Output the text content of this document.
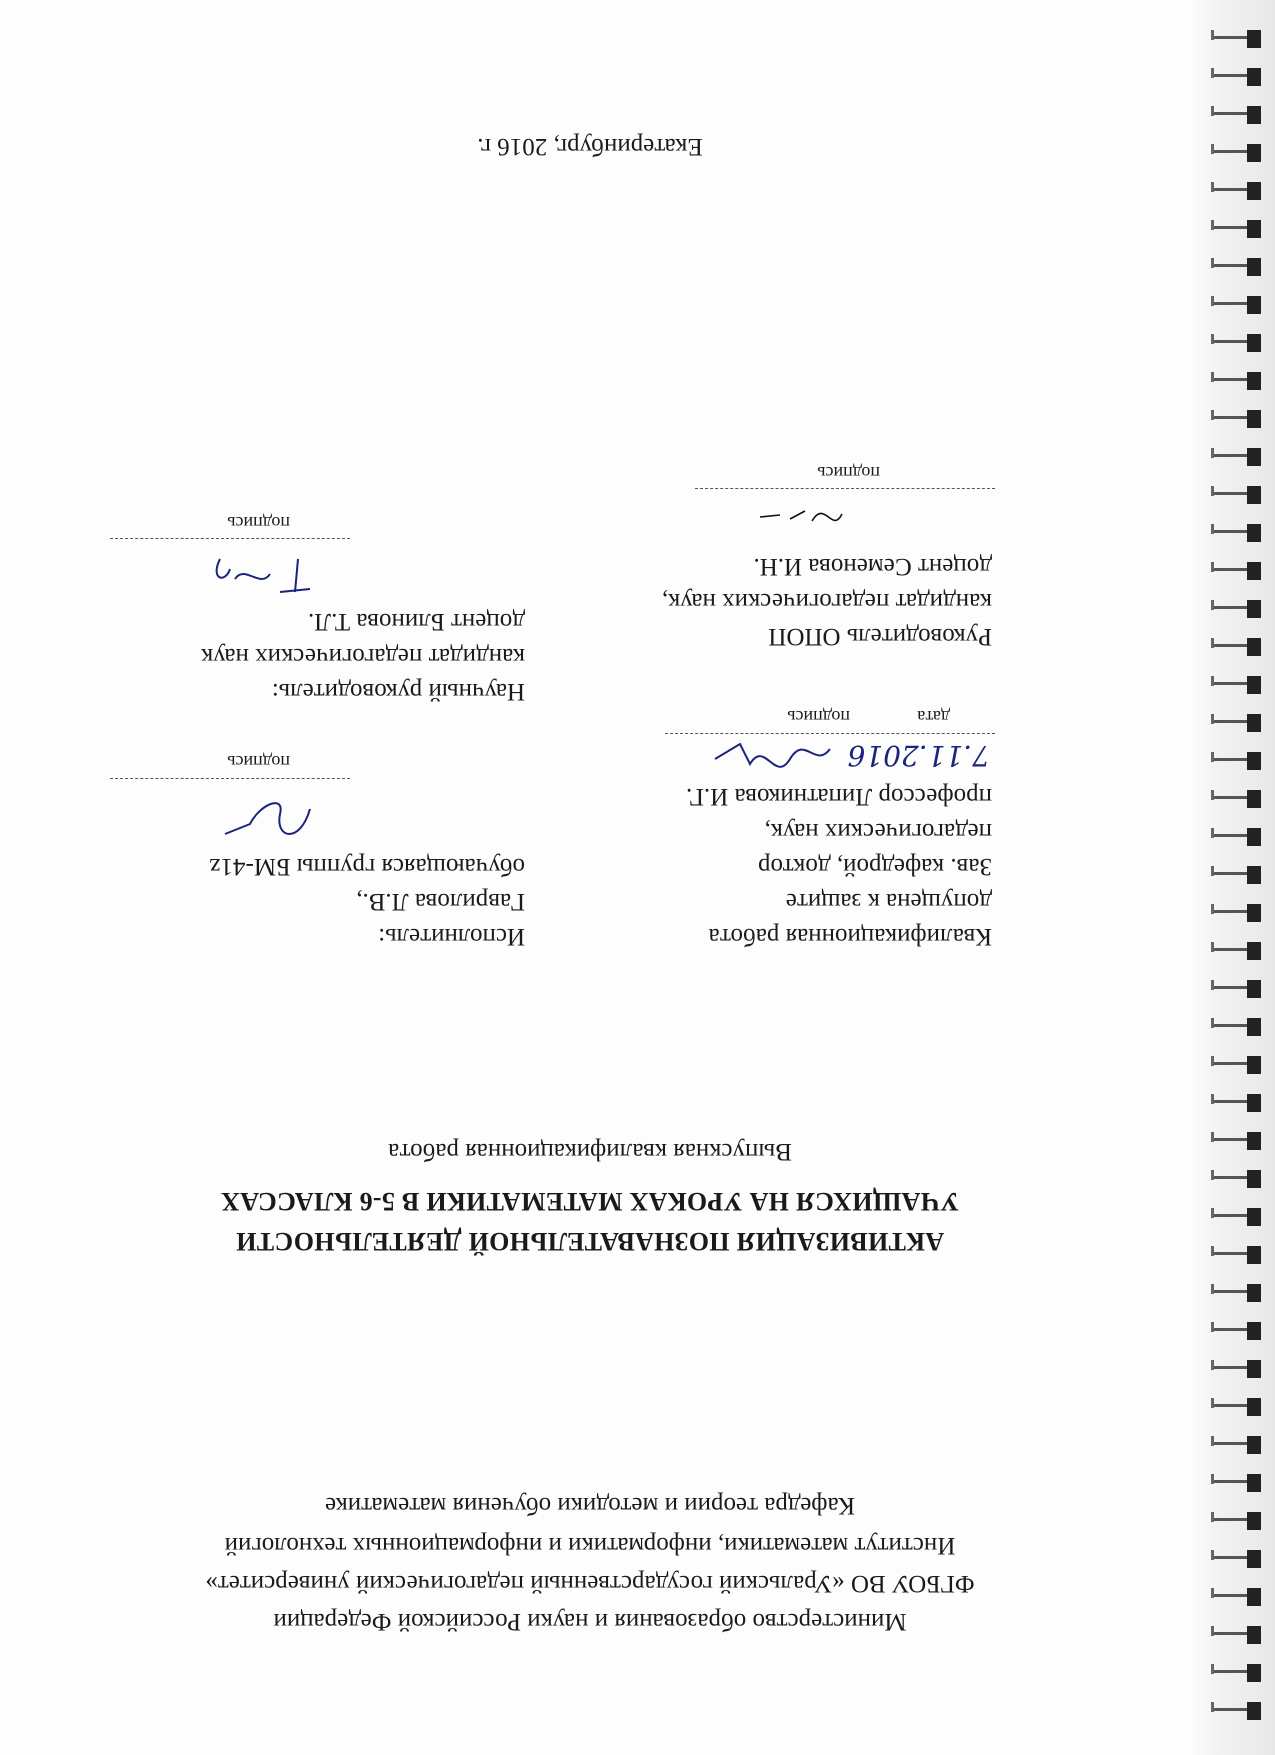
Министерство образования и науки Российской Федерации
ФГБОУ ВО «Уральский государственный педагогический университет»
Институт математики, информатики и информационных технологий
Кафедра теории и методики обучения математике
АКТИВИЗАЦИЯ ПОЗНАВАТЕЛЬНОЙ ДЕЯТЕЛЬНОСТИ
УЧАЩИХСЯ НА УРОКАХ МАТЕМАТИКИ В 5-6 КЛАССАХ
Выпускная квалификационная работа
Квалификационная работа
допущена к защите
Зав. кафедрой, доктор
педагогических наук,
профессор Липатникова И.Г.
7.11.2016
дата
подпись
Руководитель ОПОП
кандидат педагогических наук,
доцент Семенова И.Н.
подпись
Исполнитель:
Гаврилова Л.В.,
обучающаяся группы БМ-41z
подпись
Научный руководитель:
кандидат педагогических наук
доцент Блинова Т.Л.
подпись
Екатеринбург, 2016 г.
